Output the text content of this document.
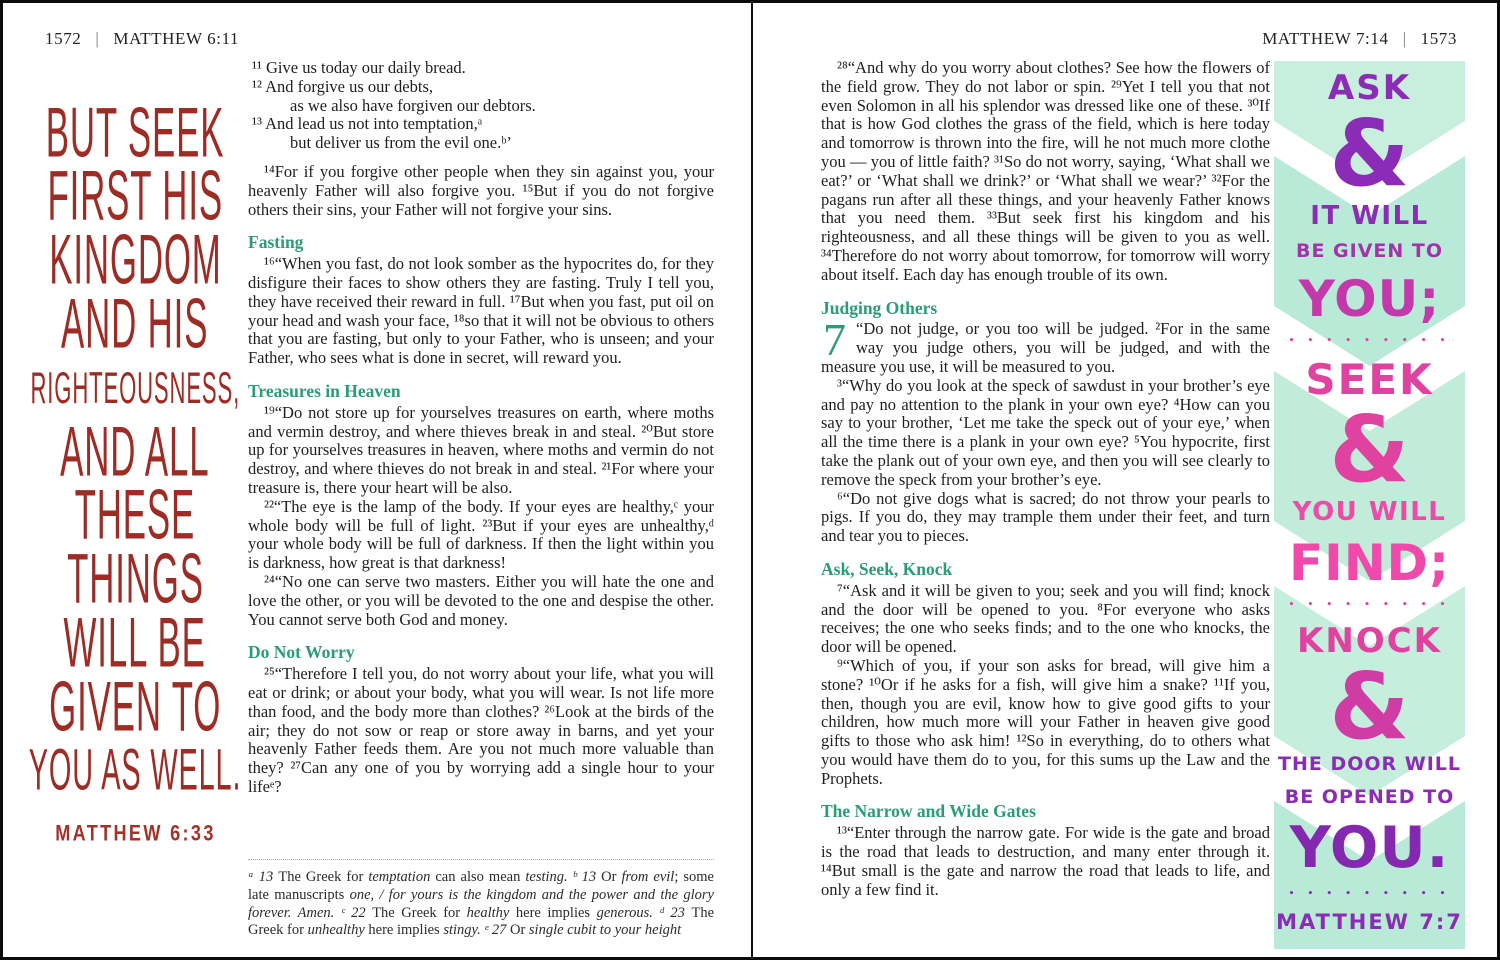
1572 | MATTHEW 6:11	MATTHEW 7:14 | 1573
BUT SEEK
FIRST HIS
KINGDOM
AND HIS
RIGHTEOUSNESS,
AND ALL
THESE
THINGS
WILL BE
GIVEN TO
YOU AS WELL.
MATTHEW 6:33
¹¹ Give us today our daily bread.
¹² And forgive us our debts,
as we also have forgiven our debtors.
¹³ And lead us not into temptation,ᵃ
but deliver us from the evil one.ᵇ’

¹⁴For if you forgive other people when they sin against you, your heavenly Father will also forgive you. ¹⁵But if you do not forgive others their sins, your Father will not forgive your sins.

Fasting

¹⁶“When you fast, do not look somber as the hypocrites do, for they disfigure their faces to show others they are fasting. Truly I tell you, they have received their reward in full. ¹⁷But when you fast, put oil on your head and wash your face, ¹⁸so that it will not be obvious to others that you are fasting, but only to your Father, who is unseen; and your Father, who sees what is done in secret, will reward you.

Treasures in Heaven

¹⁹“Do not store up for yourselves treasures on earth, where moths and vermin destroy, and where thieves break in and steal. ²⁰But store up for yourselves treasures in heaven, where moths and vermin do not destroy, and where thieves do not break in and steal. ²¹For where your treasure is, there your heart will be also.

²²“The eye is the lamp of the body. If your eyes are healthy,ᶜ your whole body will be full of light. ²³But if your eyes are unhealthy,ᵈ your whole body will be full of darkness. If then the light within you is darkness, how great is that darkness!

²⁴“No one can serve two masters. Either you will hate the one and love the other, or you will be devoted to the one and despise the other. You cannot serve both God and money.

Do Not Worry

²⁵“Therefore I tell you, do not worry about your life, what you will eat or drink; or about your body, what you will wear. Is not life more than food, and the body more than clothes? ²⁶Look at the birds of the air; they do not sow or reap or store away in barns, and yet your heavenly Father feeds them. Are you not much more valuable than they? ²⁷Can any one of you by worrying add a single hour to your lifeᵉ?

ᵃ 13 The Greek for temptation can also mean testing. ᵇ 13 Or from evil; some late manuscripts one, / for yours is the kingdom and the power and the glory forever. Amen. ᶜ 22 The Greek for healthy here implies generous. ᵈ 23 The Greek for unhealthy here implies stingy. ᵉ 27 Or single cubit to your height

²⁸“And why do you worry about clothes? See how the flowers of the field grow. They do not labor or spin. ²⁹Yet I tell you that not even Solomon in all his splendor was dressed like one of these. ³⁰If that is how God clothes the grass of the field, which is here today and tomorrow is thrown into the fire, will he not much more clothe you — you of little faith? ³¹So do not worry, saying, ‘What shall we eat?’ or ‘What shall we drink?’ or ‘What shall we wear?’ ³²For the pagans run after all these things, and your heavenly Father knows that you need them. ³³But seek first his kingdom and his righteousness, and all these things will be given to you as well. ³⁴Therefore do not worry about tomorrow, for tomorrow will worry about itself. Each day has enough trouble of its own.

Judging Others

7 “Do not judge, or you too will be judged. ²For in the same way you judge others, you will be judged, and with the measure you use, it will be measured to you.

³“Why do you look at the speck of sawdust in your brother’s eye and pay no attention to the plank in your own eye? ⁴How can you say to your brother, ‘Let me take the speck out of your eye,’ when all the time there is a plank in your own eye? ⁵You hypocrite, first take the plank out of your own eye, and then you will see clearly to remove the speck from your brother’s eye.

⁶“Do not give dogs what is sacred; do not throw your pearls to pigs. If you do, they may trample them under their feet, and turn and tear you to pieces.

Ask, Seek, Knock

⁷“Ask and it will be given to you; seek and you will find; knock and the door will be opened to you. ⁸For everyone who asks receives; the one who seeks finds; and to the one who knocks, the door will be opened.

⁹“Which of you, if your son asks for bread, will give him a stone? ¹⁰Or if he asks for a fish, will give him a snake? ¹¹If you, then, though you are evil, know how to give good gifts to your children, how much more will your Father in heaven give good gifts to those who ask him! ¹²So in everything, do to others what you would have them do to you, for this sums up the Law and the Prophets.

The Narrow and Wide Gates

¹³“Enter through the narrow gate. For wide is the gate and broad is the road that leads to destruction, and many enter through it. ¹⁴But small is the gate and narrow the road that leads to life, and only a few find it.

ASK
&
IT WILL
BE GIVEN TO
YOU;
• • • • • • • • •
SEEK
&
YOU WILL
FIND;
• • • • • • • • •
KNOCK
&
THE DOOR WILL
BE OPENED TO
YOU.
• • • • • • • • •
MATTHEW 7:7
